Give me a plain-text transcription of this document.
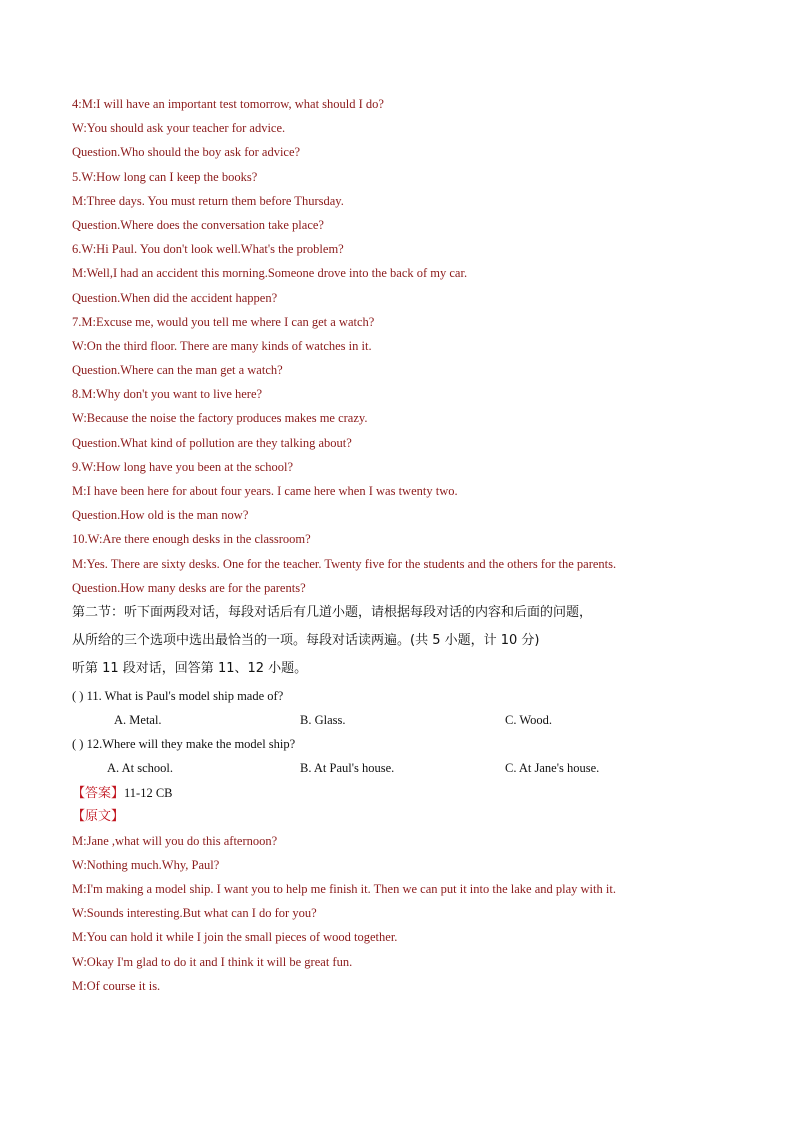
4:M:I will have an important test tomorrow, what should I do?
W:You should ask your teacher for advice.
Question.Who should the boy ask for advice?
5.W:How long can I keep the books?
M:Three days. You must return them before Thursday.
Question.Where does the conversation take place?
6.W:Hi Paul. You don't look well.What's the problem?
M:Well,I had an accident this morning.Someone drove into the back of my car.
Question.When did the accident happen?
7.M:Excuse me, would you tell me where I can get a watch?
W:On the third floor. There are many kinds of watches in it.
Question.Where can the man get a watch?
8.M:Why don't you want to live here?
W:Because the noise the factory produces makes me crazy.
Question.What kind of pollution are they talking about?
9.W:How long have you been at the school?
M:I have been here for about four years. I came here when I was twenty two.
Question.How old is the man now?
10.W:Are there enough desks in the classroom?
M:Yes. There are sixty desks. One for the teacher. Twenty five for the students and the others for the parents.
Question.How many desks are for the parents?
第二节：听下面两段对话，每段对话后有几道小题，请根据每段对话的内容和后面的问题，
从所给的三个选项中选出最恰当的一项。每段对话读两遍。(共 5 小题，计 10 分)
听第 11 段对话，回答第 11、12 小题。
( ) 11. What is Paul's model ship made of?
A. Metal.	B. Glass.	C. Wood.
( ) 12.Where will they make the model ship?
A. At school.	B. At Paul's house.	C. At Jane's house.
【答案】11-12 CB
【原文】
M:Jane ,what will you do this afternoon?
W:Nothing much.Why, Paul?
M:I'm making a model ship. I want you to help me finish it. Then we can put it into the lake and play with it.
W:Sounds interesting.But what can I do for you?
M:You can hold it while I join the small pieces of wood together.
W:Okay I'm glad to do it and I think it will be great fun.
M:Of course it is.
